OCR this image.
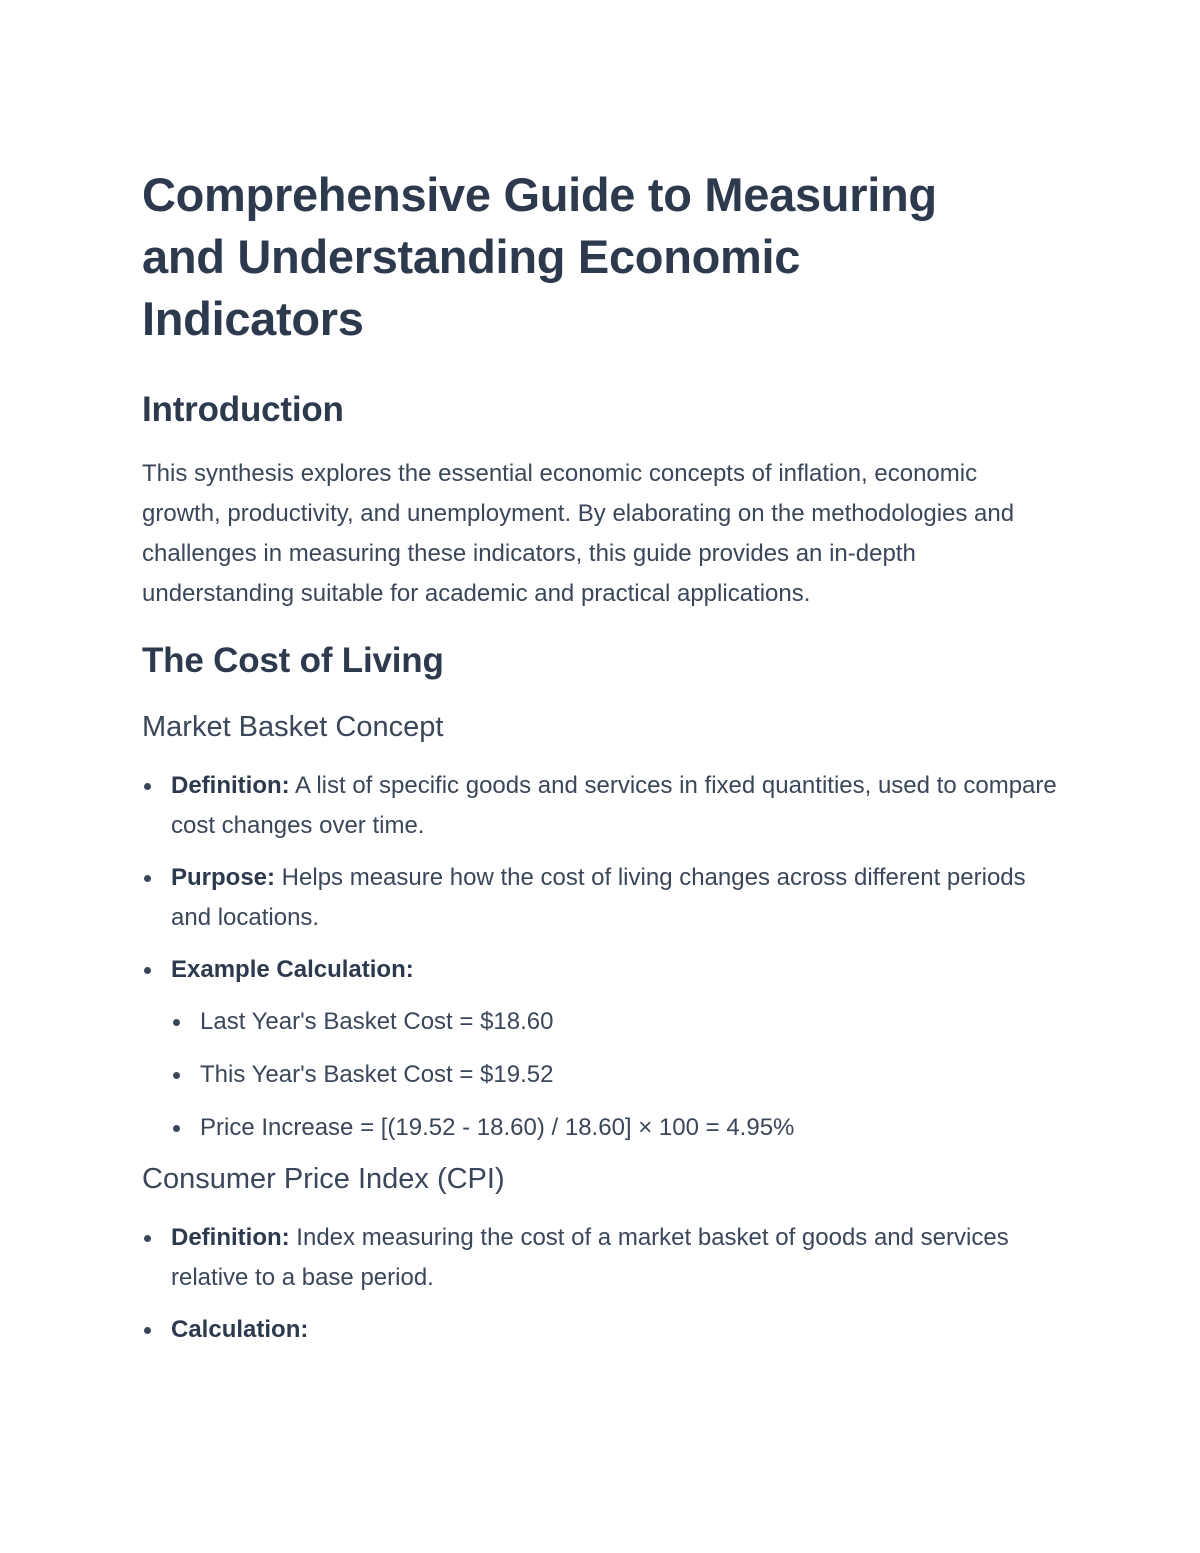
Comprehensive Guide to Measuring and Understanding Economic Indicators
Introduction

This synthesis explores the essential economic concepts of inflation, economic growth, productivity, and unemployment. By elaborating on the methodologies and challenges in measuring these indicators, this guide provides an in-depth understanding suitable for academic and practical applications.

The Cost of Living
Market Basket Concept
Definition: A list of specific goods and services in fixed quantities, used to compare cost changes over time.
Purpose: Helps measure how the cost of living changes across different periods and locations.
Example Calculation:
Last Year's Basket Cost = $18.60
This Year's Basket Cost = $19.52
Price Increase = [(19.52 - 18.60) / 18.60] × 100 = 4.95%
Consumer Price Index (CPI)
Definition: Index measuring the cost of a market basket of goods and services relative to a base period.
Calculation:
